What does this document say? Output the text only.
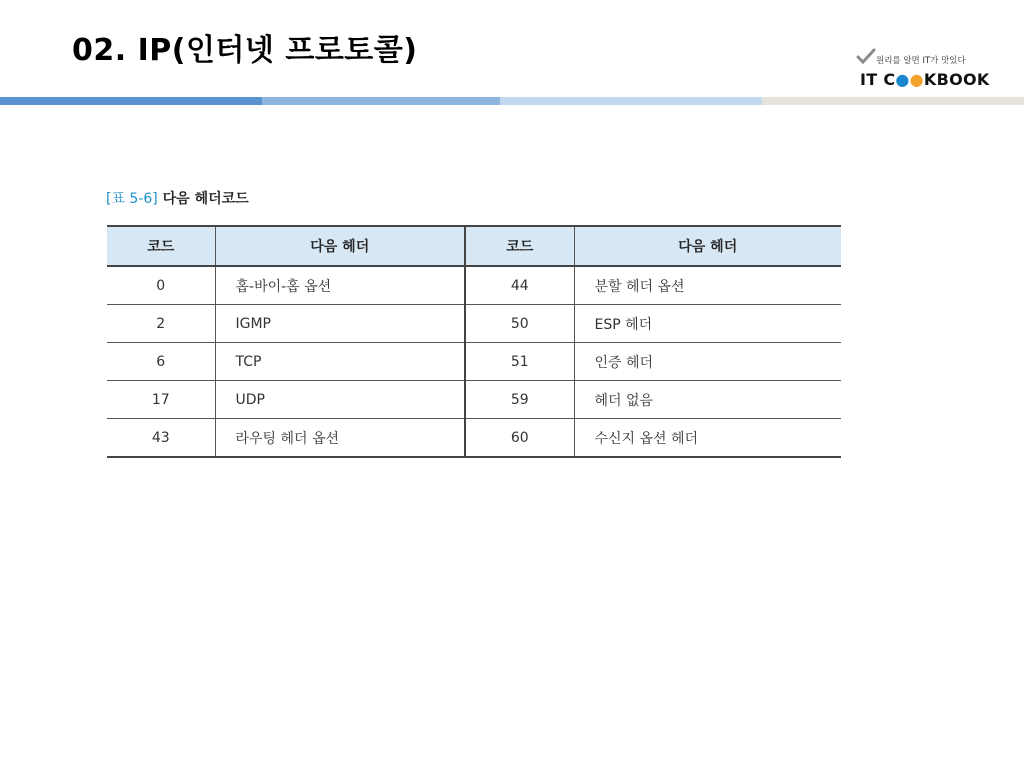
02. IP(인터넷 프로토콜)	원리를 알면 IT가 맛있다
IT C●●KBOOK
[표 5-6] 다음 헤더코드
코드	다음 헤더	코드	다음 헤더
0	홉-바이-홉 옵션	44	분할 헤더 옵션
2	IGMP	50	ESP 헤더
6	TCP	51	인증 헤더
17	UDP	59	헤더 없음
43	라우팅 헤더 옵션	60	수신지 옵션 헤더
